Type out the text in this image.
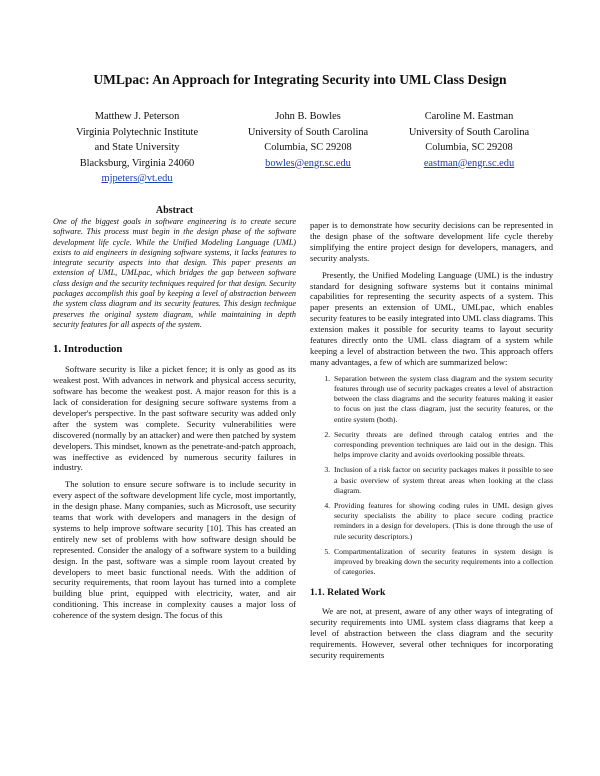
UMLpac: An Approach for Integrating Security into UML Class Design
Matthew J. Peterson
Virginia Polytechnic Institute
and State University
Blacksburg, Virginia 24060
mjpeters@vt.edu
John B. Bowles
University of South Carolina
Columbia, SC 29208
bowles@engr.sc.edu
Caroline M. Eastman
University of South Carolina
Columbia, SC 29208
eastman@engr.sc.edu
Abstract

One of the biggest goals in software engineering is to create secure software. This process must begin in the design phase of the software development life cycle. While the Unified Modeling Language (UML) exists to aid engineers in designing software systems, it lacks features to integrate security aspects into that design. This paper presents an extension of UML, UMLpac, which bridges the gap between software class design and the security techniques required for that design. Security packages accomplish this goal by keeping a level of abstraction between the system class diagram and its security features. This design technique preserves the original system diagram, while maintaining in depth security features for all aspects of the system.

1. Introduction

Software security is like a picket fence; it is only as good as its weakest post. With advances in network and physical access security, software has become the weakest post. A major reason for this is a lack of consideration for designing secure software systems from a developer's perspective. In the past software security was added only after the system was complete. Security vulnerabilities were discovered (normally by an attacker) and were then patched by system developers. This mindset, known as the penetrate-and-patch approach, was ineffective as evidenced by numerous security failures in industry.

The solution to ensure secure software is to include security in every aspect of the software development life cycle, most importantly, in the design phase. Many companies, such as Microsoft, use security teams that work with developers and managers in the design of systems to help improve software security [10]. This has created an entirely new set of problems with how software design should be represented. Consider the analogy of a software system to a building design. In the past, software was a simple room layout created by developers to meet basic functional needs. With the addition of security requirements, that room layout has turned into a complete building blue print, equipped with electricity, water, and air conditioning. This increase in complexity causes a major loss of coherence of the system design. The focus of this

paper is to demonstrate how security decisions can be represented in the design phase of the software development life cycle thereby simplifying the entire project design for developers, managers, and security analysts.

Presently, the Unified Modeling Language (UML) is the industry standard for designing software systems but it contains minimal capabilities for representing the security aspects of a system. This paper presents an extension of UML, UMLpac, which enables security features to be easily integrated into UML class diagrams. This extension makes it possible for security teams to layout security features directly onto the UML class diagram of a system while keeping a level of abstraction between the two. This approach offers many advantages, a few of which are summarized below:

1. Separation between the system class diagram and the system security features through use of security packages creates a level of abstraction between the class diagrams and the security features making it easier to focus on just the class diagram, just the security features, or the entire system (both).
2. Security threats are defined through catalog entries and the corresponding prevention techniques are laid out in the design. This helps improve clarity and avoids overlooking possible threats.
3. Inclusion of a risk factor on security packages makes it possible to see a basic overview of system threat areas when looking at the class diagram.
4. Providing features for showing coding rules in UML design gives security specialists the ability to place secure coding practice reminders in a design for developers. (This is done through the use of rule security descriptors.)
5. Compartmentalization of security features in system design is improved by breaking down the security requirements into a collection of categories.
1.1. Related Work

We are not, at present, aware of any other ways of integrating of security requirements into UML system class diagrams that keep a level of abstraction between the class diagram and the security requirements. However, several other techniques for incorporating security requirements
